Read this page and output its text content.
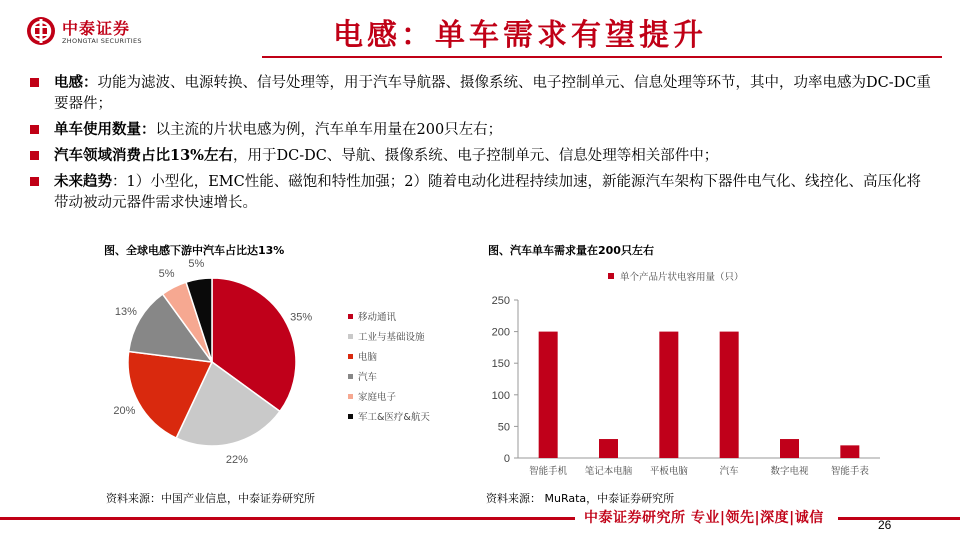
中泰证券
ZHONGTAI SECURITIES	电感：单车需求有望提升
电感：功能为滤波、电源转换、信号处理等，用于汽车导航器、摄像系统、电子控制单元、信息处理等环节，其中，功率电感为DC-DC重要器件；
单车使用数量：以主流的片状电感为例，汽车单车用量在200只左右；
汽车领域消费占比13%左右，用于DC-DC、导航、摄像系统、电子控制单元、信息处理等相关部件中；
未来趋势：1）小型化，EMC性能、磁饱和特性加强；2）随着电动化进程持续加速，新能源汽车架构下器件电气化、线控化、高压化将带动被动元器件需求快速增长。
图、全球电感下游中汽车占比达13%
35%
22%
20%
13%
5%
5%
移动通讯
工业与基础设施
电脑
汽车
家庭电子
军工&医疗&航天
资料来源：中国产业信息，中泰证券研究所
图、汽车单车需求量在200只左右
0
50
100
150
200
250
智能手机 笔记本电脑 平板电脑	汽车	数字电视 智能手表
单个产品片状电容用量（只）
资料来源： MuRata，中泰证券研究所
中泰证券研究所 专业|领先|深度|诚信	26
